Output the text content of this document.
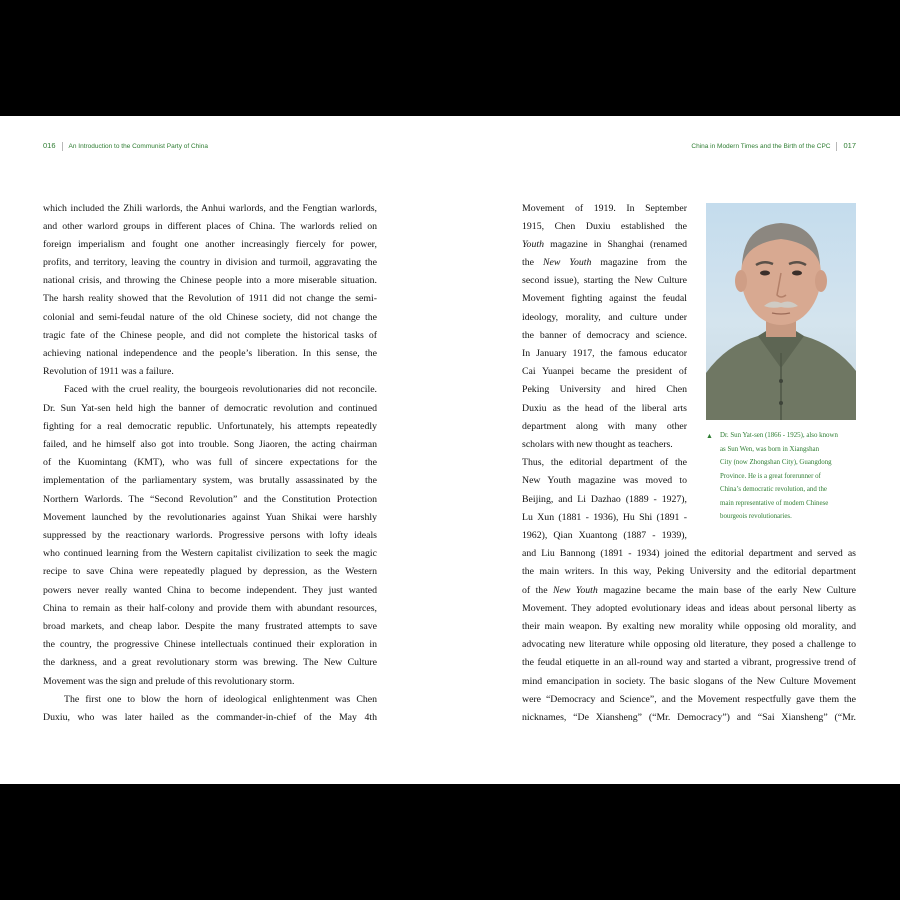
016 An Introduction to the Communist Party of China	China in Modern Times and the Birth of the CPC 017
which included the Zhili warlords, the Anhui warlords, and the Fengtian warlords,
and other warlord groups in different places of China. The warlords relied on
foreign imperialism and fought one another increasingly fiercely for power,
profits, and territory, leaving the country in division and turmoil, aggravating the
national crisis, and throwing the Chinese people into a more miserable situation.
The harsh reality showed that the Revolution of 1911 did not change the semi-
colonial and semi-feudal nature of the old Chinese society, did not change the
tragic fate of the Chinese people, and did not complete the historical tasks of
achieving national independence and the people’s liberation. In this sense, the
Revolution of 1911 was a failure.
Faced with the cruel reality, the bourgeois revolutionaries did not reconcile.
Dr. Sun Yat-sen held high the banner of democratic revolution and continued
fighting for a real democratic republic. Unfortunately, his attempts repeatedly
failed, and he himself also got into trouble. Song Jiaoren, the acting chairman
of the Kuomintang (KMT), who was full of sincere expectations for the
implementation of the parliamentary system, was brutally assassinated by the
Northern Warlords. The “Second Revolution” and the Constitution Protection
Movement launched by the revolutionaries against Yuan Shikai were harshly
suppressed by the reactionary warlords. Progressive persons with lofty ideals
who continued learning from the Western capitalist civilization to seek the magic
recipe to save China were repeatedly plagued by depression, as the Western
powers never really wanted China to become independent. They just wanted
China to remain as their half-colony and provide them with abundant resources,
broad markets, and cheap labor. Despite the many frustrated attempts to save
the country, the progressive Chinese intellectuals continued their exploration in
the darkness, and a great revolutionary storm was brewing. The New Culture
Movement was the sign and prelude of this revolutionary storm.
The first one to blow the horn of ideological enlightenment was Chen
Duxiu, who was later hailed as the commander-in-chief of the May 4th
Movement of 1919. In September
1915, Chen Duxiu established the
Youth magazine in Shanghai (renamed
the New Youth magazine from the
second issue), starting the New Culture
Movement fighting against the feudal
ideology, morality, and culture under
the banner of democracy and science.
In January 1917, the famous educator
Cai Yuanpei became the president of
Peking University and hired Chen
Duxiu as the head of the liberal arts
department along with many other
scholars with new thought as teachers.
Thus, the editorial department of the
New Youth magazine was moved to
Beijing, and Li Dazhao (1889 - 1927),
Lu Xun (1881 - 1936), Hu Shi (1891 -
1962), Qian Xuantong (1887 - 1939),
and Liu Bannong (1891 - 1934) joined the editorial department and served as
the main writers. In this way, Peking University and the editorial department
of the New Youth magazine became the main base of the early New Culture
Movement. They adopted evolutionary ideas and ideas about personal liberty as
their main weapon. By exalting new morality while opposing old morality, and
advocating new literature while opposing old literature, they posed a challenge to
the feudal etiquette in an all-round way and started a vibrant, progressive trend of
mind emancipation in society. The basic slogans of the New Culture Movement
were “Democracy and Science”, and the Movement respectfully gave them the
nicknames, “De Xiansheng” (“Mr. Democracy”) and “Sai Xiansheng” (“Mr.
▲ Dr. Sun Yat-sen (1866 - 1925), also known
as Sun Wen, was born in Xiangshan
City (now Zhongshan City), Guangdong
Province. He is a great forerunner of
China’s democratic revolution, and the
main representative of modern Chinese
bourgeois revolutionaries.
